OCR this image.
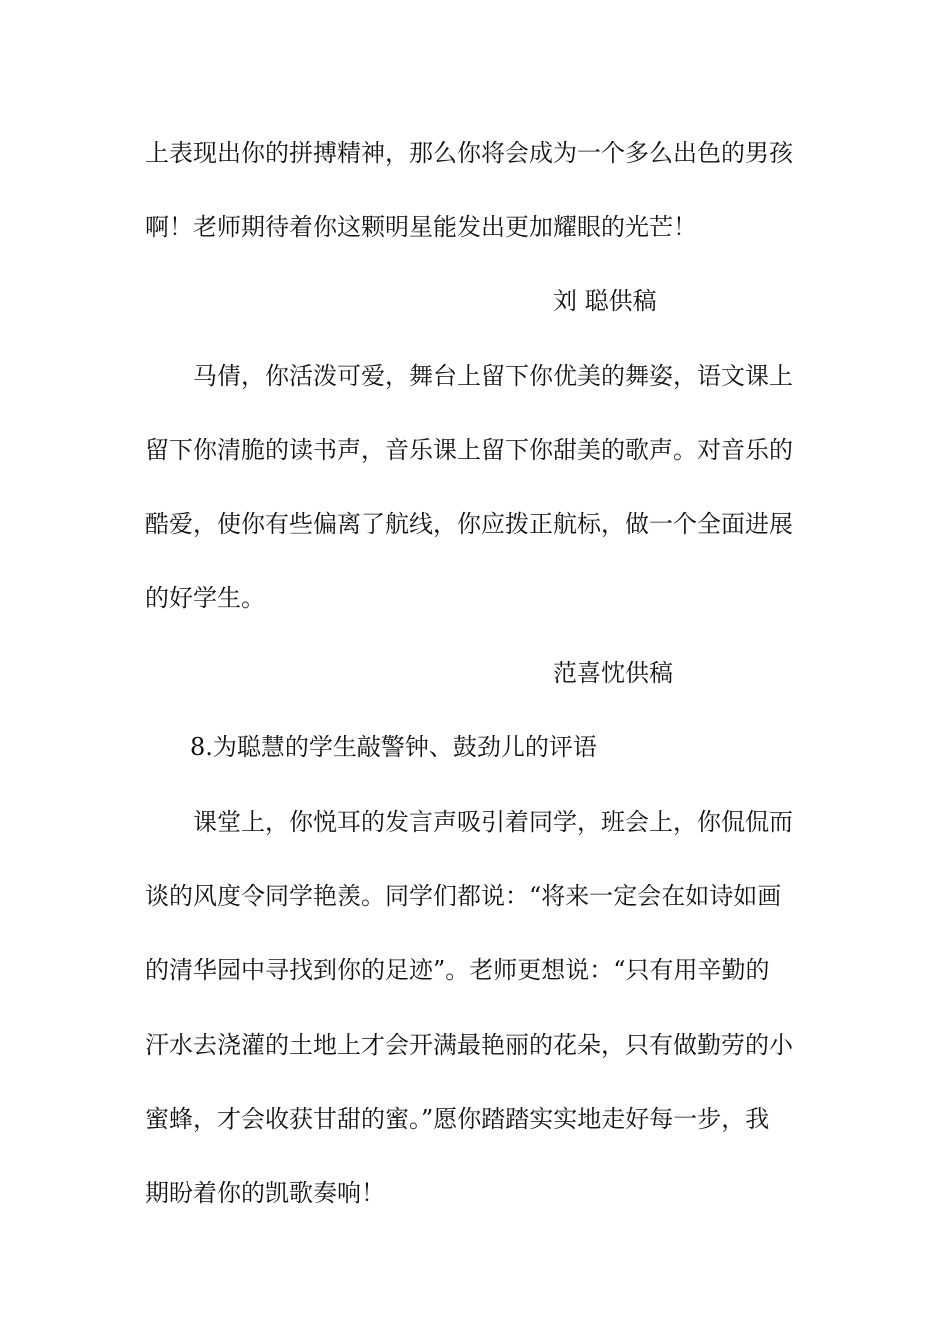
上表现出你的拼搏精神，那么你将会成为一个多么出色的男孩
啊！老师期待着你这颗明星能发出更加耀眼的光芒！
刘 聪供稿
马倩，你活泼可爱，舞台上留下你优美的舞姿，语文课上
留下你清脆的读书声，音乐课上留下你甜美的歌声。对音乐的
酷爱，使你有些偏离了航线，你应拨正航标，做一个全面进展
的好学生。
范喜忱供稿
8.为聪慧的学生敲警钟、鼓劲儿的评语
课堂上，你悦耳的发言声吸引着同学，班会上，你侃侃而
谈的风度令同学艳羡。同学们都说：“将来一定会在如诗如画
的清华园中寻找到你的足迹”。老师更想说：“只有用辛勤的
汗水去浇灌的土地上才会开满最艳丽的花朵，只有做勤劳的小
蜜蜂，才会收获甘甜的蜜。”愿你踏踏实实地走好每一步，我
期盼着你的凯歌奏响！
